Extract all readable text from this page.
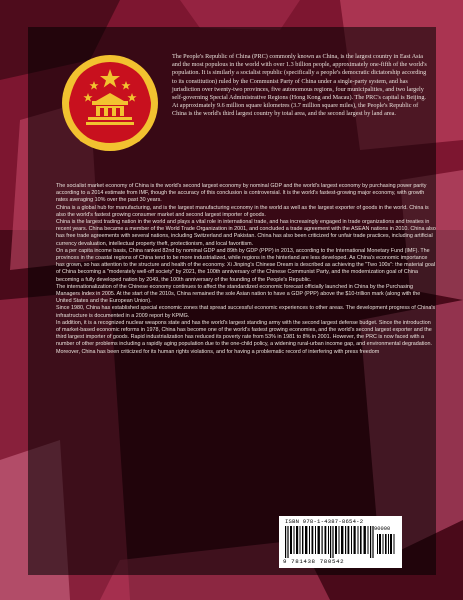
The People's Republic of China (PRC) commonly known as China, is the largest country in East Asia and the most populous in the world with over 1.3 billion people, approximately one-fifth of the world's population. It is similarly a socialist republic (specifically a people's democratic dictatorship according to its constitution) ruled by the Communist Party of China under a single-party system, and has jurisdiction over twenty-two provinces, five autonomous regions, four municipalities, and two largely self-governing Special Administrative Regions (Hong Kong and Macau). The PRC's capital is Beijing. At approximately 9.6 million square kilometres (3.7 million square miles), the People's Republic of China is the world's third largest country by total area, and the second largest by land area.

The socialist market economy of China is the world's second largest economy by nominal GDP and the world's largest economy by purchasing power parity according to a 2014 estimate from IMF, though the accuracy of this conclusion is controversial. It is the world's fastest-growing major economy, with growth rates averaging 10% over the past 30 years.

China is a global hub for manufacturing, and is the largest manufacturing economy in the world as well as the largest exporter of goods in the world. China is also the world's fastest growing consumer market and second largest importer of goods.

China is the largest trading nation in the world and plays a vital role in international trade, and has increasingly engaged in trade organizations and treaties in recent years. China became a member of the World Trade Organization in 2001, and concluded a trade agreement with the ASEAN nations in 2010. China also has free trade agreements with several nations, including Switzerland and Pakistan. China has also been criticized for unfair trade practices, including artificial currency devaluation, intellectual property theft, protectionism, and local favoritism.

On a per capita income basis, China ranked 82nd by nominal GDP and 89th by GDP (PPP) in 2013, according to the International Monetary Fund (IMF). The provinces in the coastal regions of China tend to be more industrialized, while regions in the hinterland are less developed. As China's economic importance has grown, so has attention to the structure and health of the economy. Xi Jinping's Chinese Dream is described as achieving the "Two 100s": the material goal of China becoming a "moderately well-off society" by 2021, the 100th anniversary of the Chinese Communist Party, and the modernization goal of China becoming a fully developed nation by 2049, the 100th anniversary of the founding of the People's Republic.

The internationalization of the Chinese economy continues to affect the standardized economic forecast officially launched in China by the Purchasing Managers Index in 2005. At the start of the 2010s, China remained the sole Asian nation to have a GDP (PPP) above the $10-trillion mark (along with the United States and the European Union).

Since 1980, China has established special economic zones that spread successful economic experiences to other areas. The development progress of China's infrastructure is documented in a 2009 report by KPMG.

In addition, it is a recognized nuclear weapons state and has the world's largest standing army with the second largest defense budget. Since the introduction of market-based economic reforms in 1978, China has become one of the world's fastest growing economies, and the world's second largest exporter and the third largest importer of goods. Rapid industrialization has reduced its poverty rate from 53% in 1981 to 8% in 2001. However, the PRC is now faced with a number of other problems including a rapidly aging population due to the one-child policy, a widening rural-urban income gap, and environmental degradation. Moreover, China has been criticized for its human rights violations, and for having a problematic record of interfering with press freedom

ISBN 978-1-4387-8654-2
90000
9 781438 780542
